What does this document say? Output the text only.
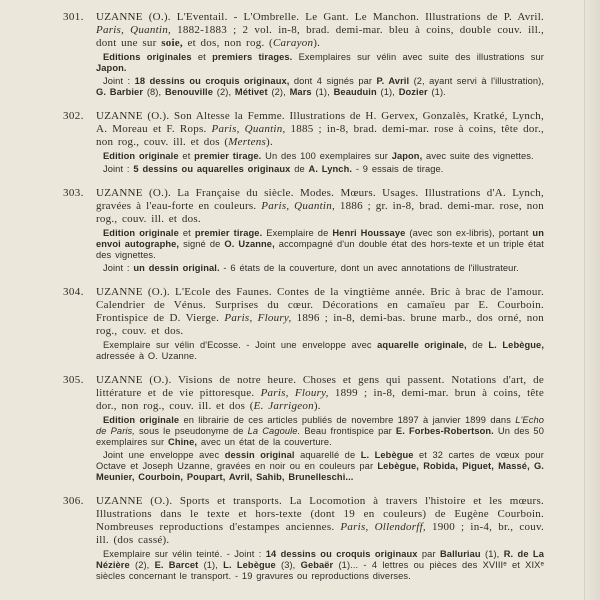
301. UZANNE (O.). L'Eventail. - L'Ombrelle. Le Gant. Le Manchon. Illustrations de P. Avril. Paris, Quantin, 1882-1883 ; 2 vol. in-8, brad. demi-mar. bleu à coins, double couv. ill., dont une sur soie, et dos, non rog. (Carayon).

Editions originales et premiers tirages. Exemplaires sur vélin avec suite des illustrations sur Japon.

Joint : 18 dessins ou croquis originaux, dont 4 signés par P. Avril (2, ayant servi à l'illustration), G. Barbier (8), Benouville (2), Métivet (2), Mars (1), Beauduin (1), Dozier (1).

302. UZANNE (O.). Son Altesse la Femme. Illustrations de H. Gervex, Gonzalès, Kratké, Lynch, A. Moreau et F. Rops. Paris, Quantin, 1885 ; in-8, brad. demi-mar. rose à coins, tête dor., non rog., couv. ill. et dos (Mertens).

Edition originale et premier tirage. Un des 100 exemplaires sur Japon, avec suite des vignettes.

Joint : 5 dessins ou aquarelles originaux de A. Lynch. - 9 essais de tirage.

303. UZANNE (O.). La Française du siècle. Modes. Mœurs. Usages. Illustrations d'A. Lynch, gravées à l'eau-forte en couleurs. Paris, Quantin, 1886 ; gr. in-8, brad. demi-mar. rose, non rog., couv. ill. et dos.

Edition originale et premier tirage. Exemplaire de Henri Houssaye (avec son ex-libris), portant un envoi autographe, signé de O. Uzanne, accompagné d'un double état des hors-texte et un triple état des vignettes.

Joint : un dessin original. - 6 états de la couverture, dont un avec annotations de l'illustrateur.

304. UZANNE (O.). L'Ecole des Faunes. Contes de la vingtième année. Bric à brac de l'amour. Calendrier de Vénus. Surprises du cœur. Décorations en camaïeu par E. Courboin. Frontispice de D. Vierge. Paris, Floury, 1896 ; in-8, demi-bas. brune marb., dos orné, non rog., couv. et dos.

Exemplaire sur vélin d'Ecosse. - Joint une enveloppe avec aquarelle originale, de L. Lebègue, adressée à O. Uzanne.

305. UZANNE (O.). Visions de notre heure. Choses et gens qui passent. Notations d'art, de littérature et de vie pittoresque. Paris, Floury, 1899 ; in-8, demi-mar. brun à coins, tête dor., non rog., couv. ill. et dos (E. Jarrigeon).

Edition originale en librairie de ces articles publiés de novembre 1897 à janvier 1899 dans L'Echo de Paris, sous le pseudonyme de La Cagoule. Beau frontispice par E. Forbes-Robertson. Un des 50 exemplaires sur Chine, avec un état de la couverture.

Joint une enveloppe avec dessin original aquarellé de L. Lebègue et 32 cartes de vœux pour Octave et Joseph Uzanne, gravées en noir ou en couleurs par Lebègue, Robida, Piguet, Massé, G. Meunier, Courboin, Poupart, Avril, Sahib, Brunelleschi...

306. UZANNE (O.). Sports et transports. La Locomotion à travers l'histoire et les mœurs. Illustrations dans le texte et hors-texte (dont 19 en couleurs) de Eugène Courboin. Nombreuses reproductions d'estampes anciennes. Paris, Ollendorff, 1900 ; in-4, br., couv. ill. (dos cassé).

Exemplaire sur vélin teinté. - Joint : 14 dessins ou croquis originaux par Balluriau (1), R. de La Nézière (2), E. Barcet (1), L. Lebègue (3), Gebaër (1)... - 4 lettres ou pièces des XVIIIᵉ et XIXᵉ siècles concernant le transport. - 19 gravures ou reproductions diverses.
